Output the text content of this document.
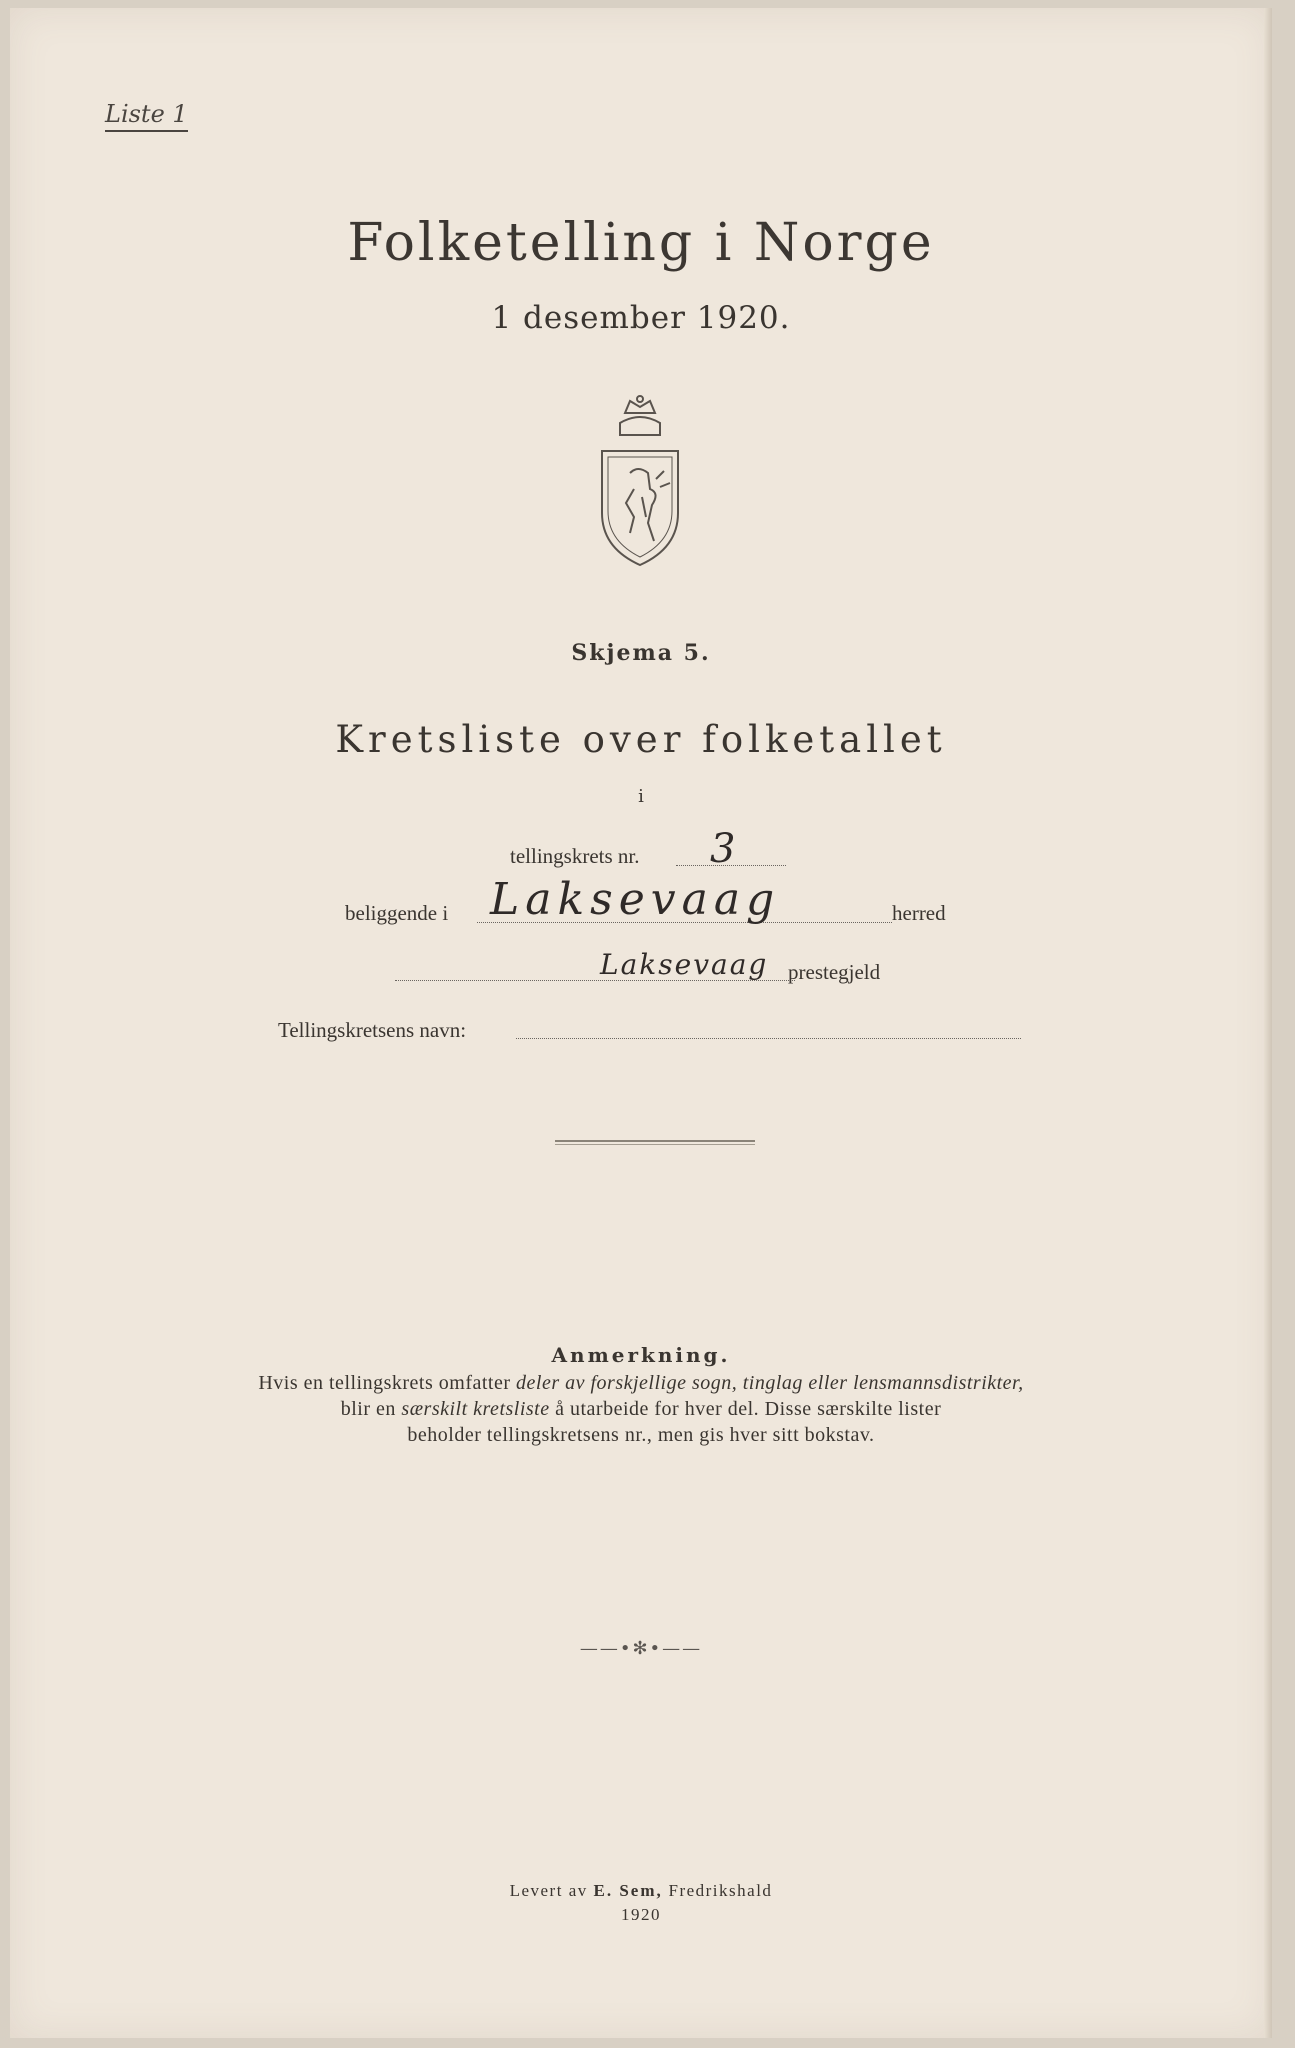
Liste 1
Folketelling i Norge
1 desember 1920.
Skjema 5.
Kretsliste over folketallet
i
tellingskrets nr. 3
beliggende i Laksevaag	herred
Laksevaag prestegjeld
Tellingskretsens navn:
Anmerkning.
Hvis en tellingskrets omfatter deler av forskjellige sogn, tinglag eller lensmannsdistrikter,
blir en særskilt kretsliste å utarbeide for hver del. Disse særskilte lister
beholder tellingskretsens nr., men gis hver sitt bokstav.
——•✻•——
Levert av E. Sem, Fredrikshald
1920
